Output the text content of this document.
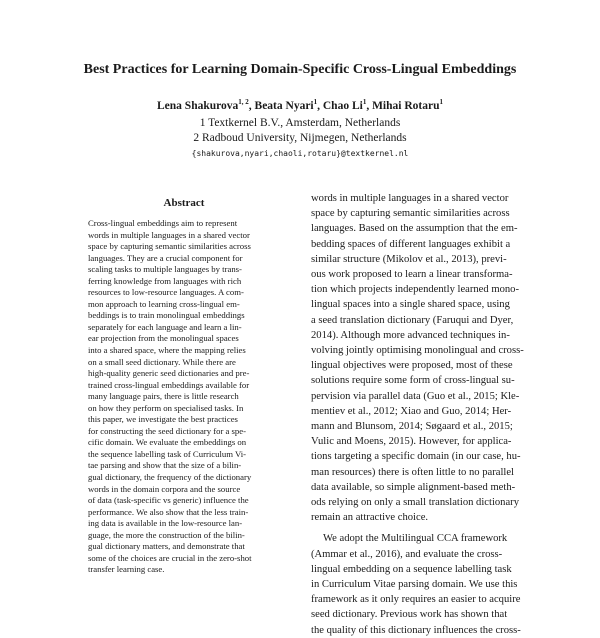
Best Practices for Learning Domain-Specific Cross-Lingual Embeddings
Lena Shakurova$^{1, 2}$, Beata Nyari$^1$, Chao Li$^1$, Mihai Rotaru$^1$
1 Textkernel B.V., Amsterdam, Netherlands
2 Radboud University, Nijmegen, Netherlands
{shakurova,nyari,chaoli,rotaru}@textkernel.nl
Abstract
Cross-lingual embeddings aim to represent
words in multiple languages in a shared vector
space by capturing semantic similarities across
languages. They are a crucial component for
scaling tasks to multiple languages by trans-
ferring knowledge from languages with rich
resources to low-resource languages. A com-
mon approach to learning cross-lingual em-
beddings is to train monolingual embeddings
separately for each language and learn a lin-
ear projection from the monolingual spaces
into a shared space, where the mapping relies
on a small seed dictionary. While there are
high-quality generic seed dictionaries and pre-
trained cross-lingual embeddings available for
many language pairs, there is little research
on how they perform on specialised tasks. In
this paper, we investigate the best practices
for constructing the seed dictionary for a spe-
cific domain. We evaluate the embeddings on
the sequence labelling task of Curriculum Vi-
tae parsing and show that the size of a bilin-
gual dictionary, the frequency of the dictionary
words in the domain corpora and the source
of data (task-specific vs generic) influence the
performance. We also show that the less train-
ing data is available in the low-resource lan-
guage, the more the construction of the bilin-
gual dictionary matters, and demonstrate that
some of the choices are crucial in the zero-shot
transfer learning case.
words in multiple languages in a shared vector
space by capturing semantic similarities across
languages. Based on the assumption that the em-
bedding spaces of different languages exhibit a
similar structure (Mikolov et al., 2013), previ-
ous work proposed to learn a linear transforma-
tion which projects independently learned mono-
lingual spaces into a single shared space, using
a seed translation dictionary (Faruqui and Dyer,
2014). Although more advanced techniques in-
volving jointly optimising monolingual and cross-
lingual objectives were proposed, most of these
solutions require some form of cross-lingual su-
pervision via parallel data (Guo et al., 2015; Kle-
mentiev et al., 2012; Xiao and Guo, 2014; Her-
mann and Blunsom, 2014; Søgaard et al., 2015;
Vulic and Moens, 2015). However, for applica-
tions targeting a specific domain (in our case, hu-
man resources) there is often little to no parallel
data available, so simple alignment-based meth-
ods relying on only a small translation dictionary
remain an attractive choice.
We adopt the Multilingual CCA framework
(Ammar et al., 2016), and evaluate the cross-
lingual embedding on a sequence labelling task
in Curriculum Vitae parsing domain. We use this
framework as it only requires an easier to acquire
seed dictionary. Previous work has shown that
the quality of this dictionary influences the cross-
